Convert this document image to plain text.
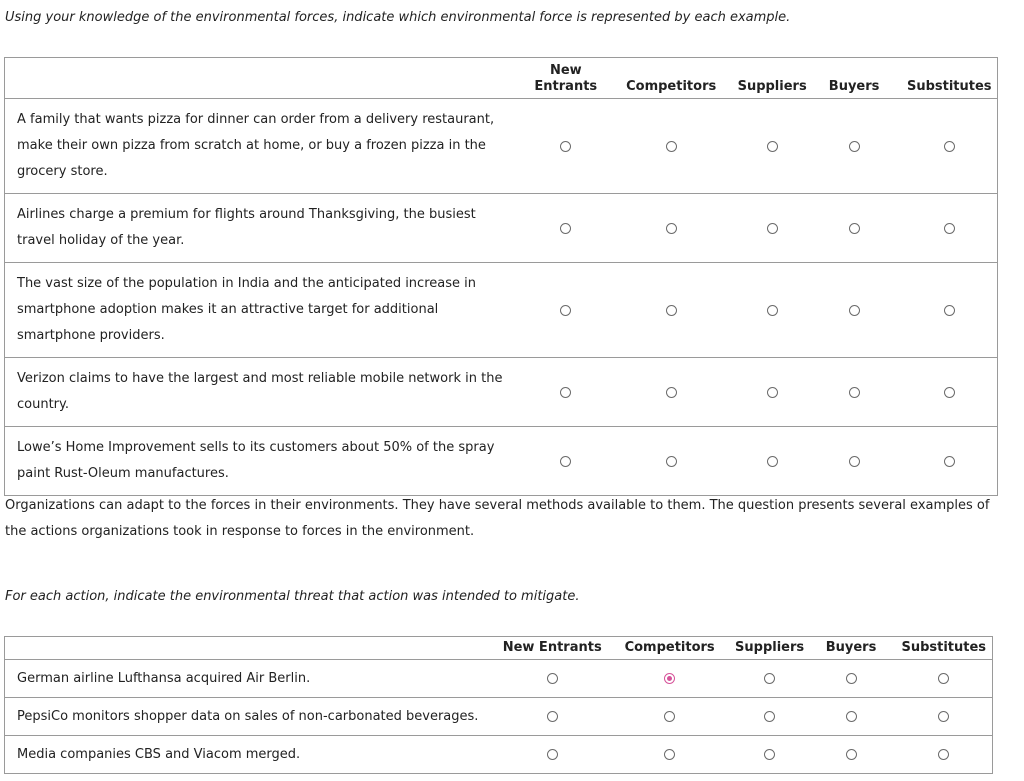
Using your knowledge of the environmental forces, indicate which environmental force is represented by each example.
	New Entrants	Competitors	Suppliers	Buyers	Substitutes
A family that wants pizza for dinner can order from a delivery restaurant, make their own pizza from scratch at home, or buy a frozen pizza in the grocery store.					
Airlines charge a premium for flights around Thanksgiving, the busiest travel holiday of the year.					
The vast size of the population in India and the anticipated increase in smartphone adoption makes it an attractive target for additional smartphone providers.					
Verizon claims to have the largest and most reliable mobile network in the country.					
Lowe’s Home Improvement sells to its customers about 50% of the spray paint Rust-Oleum manufactures.					
Organizations can adapt to the forces in their environments. They have several methods available to them. The question presents several examples of the actions organizations took in response to forces in the environment.
For each action, indicate the environmental threat that action was intended to mitigate.
	New Entrants	Competitors	Suppliers	Buyers	Substitutes
German airline Lufthansa acquired Air Berlin.					
PepsiCo monitors shopper data on sales of non-carbonated beverages.					
Media companies CBS and Viacom merged.					
